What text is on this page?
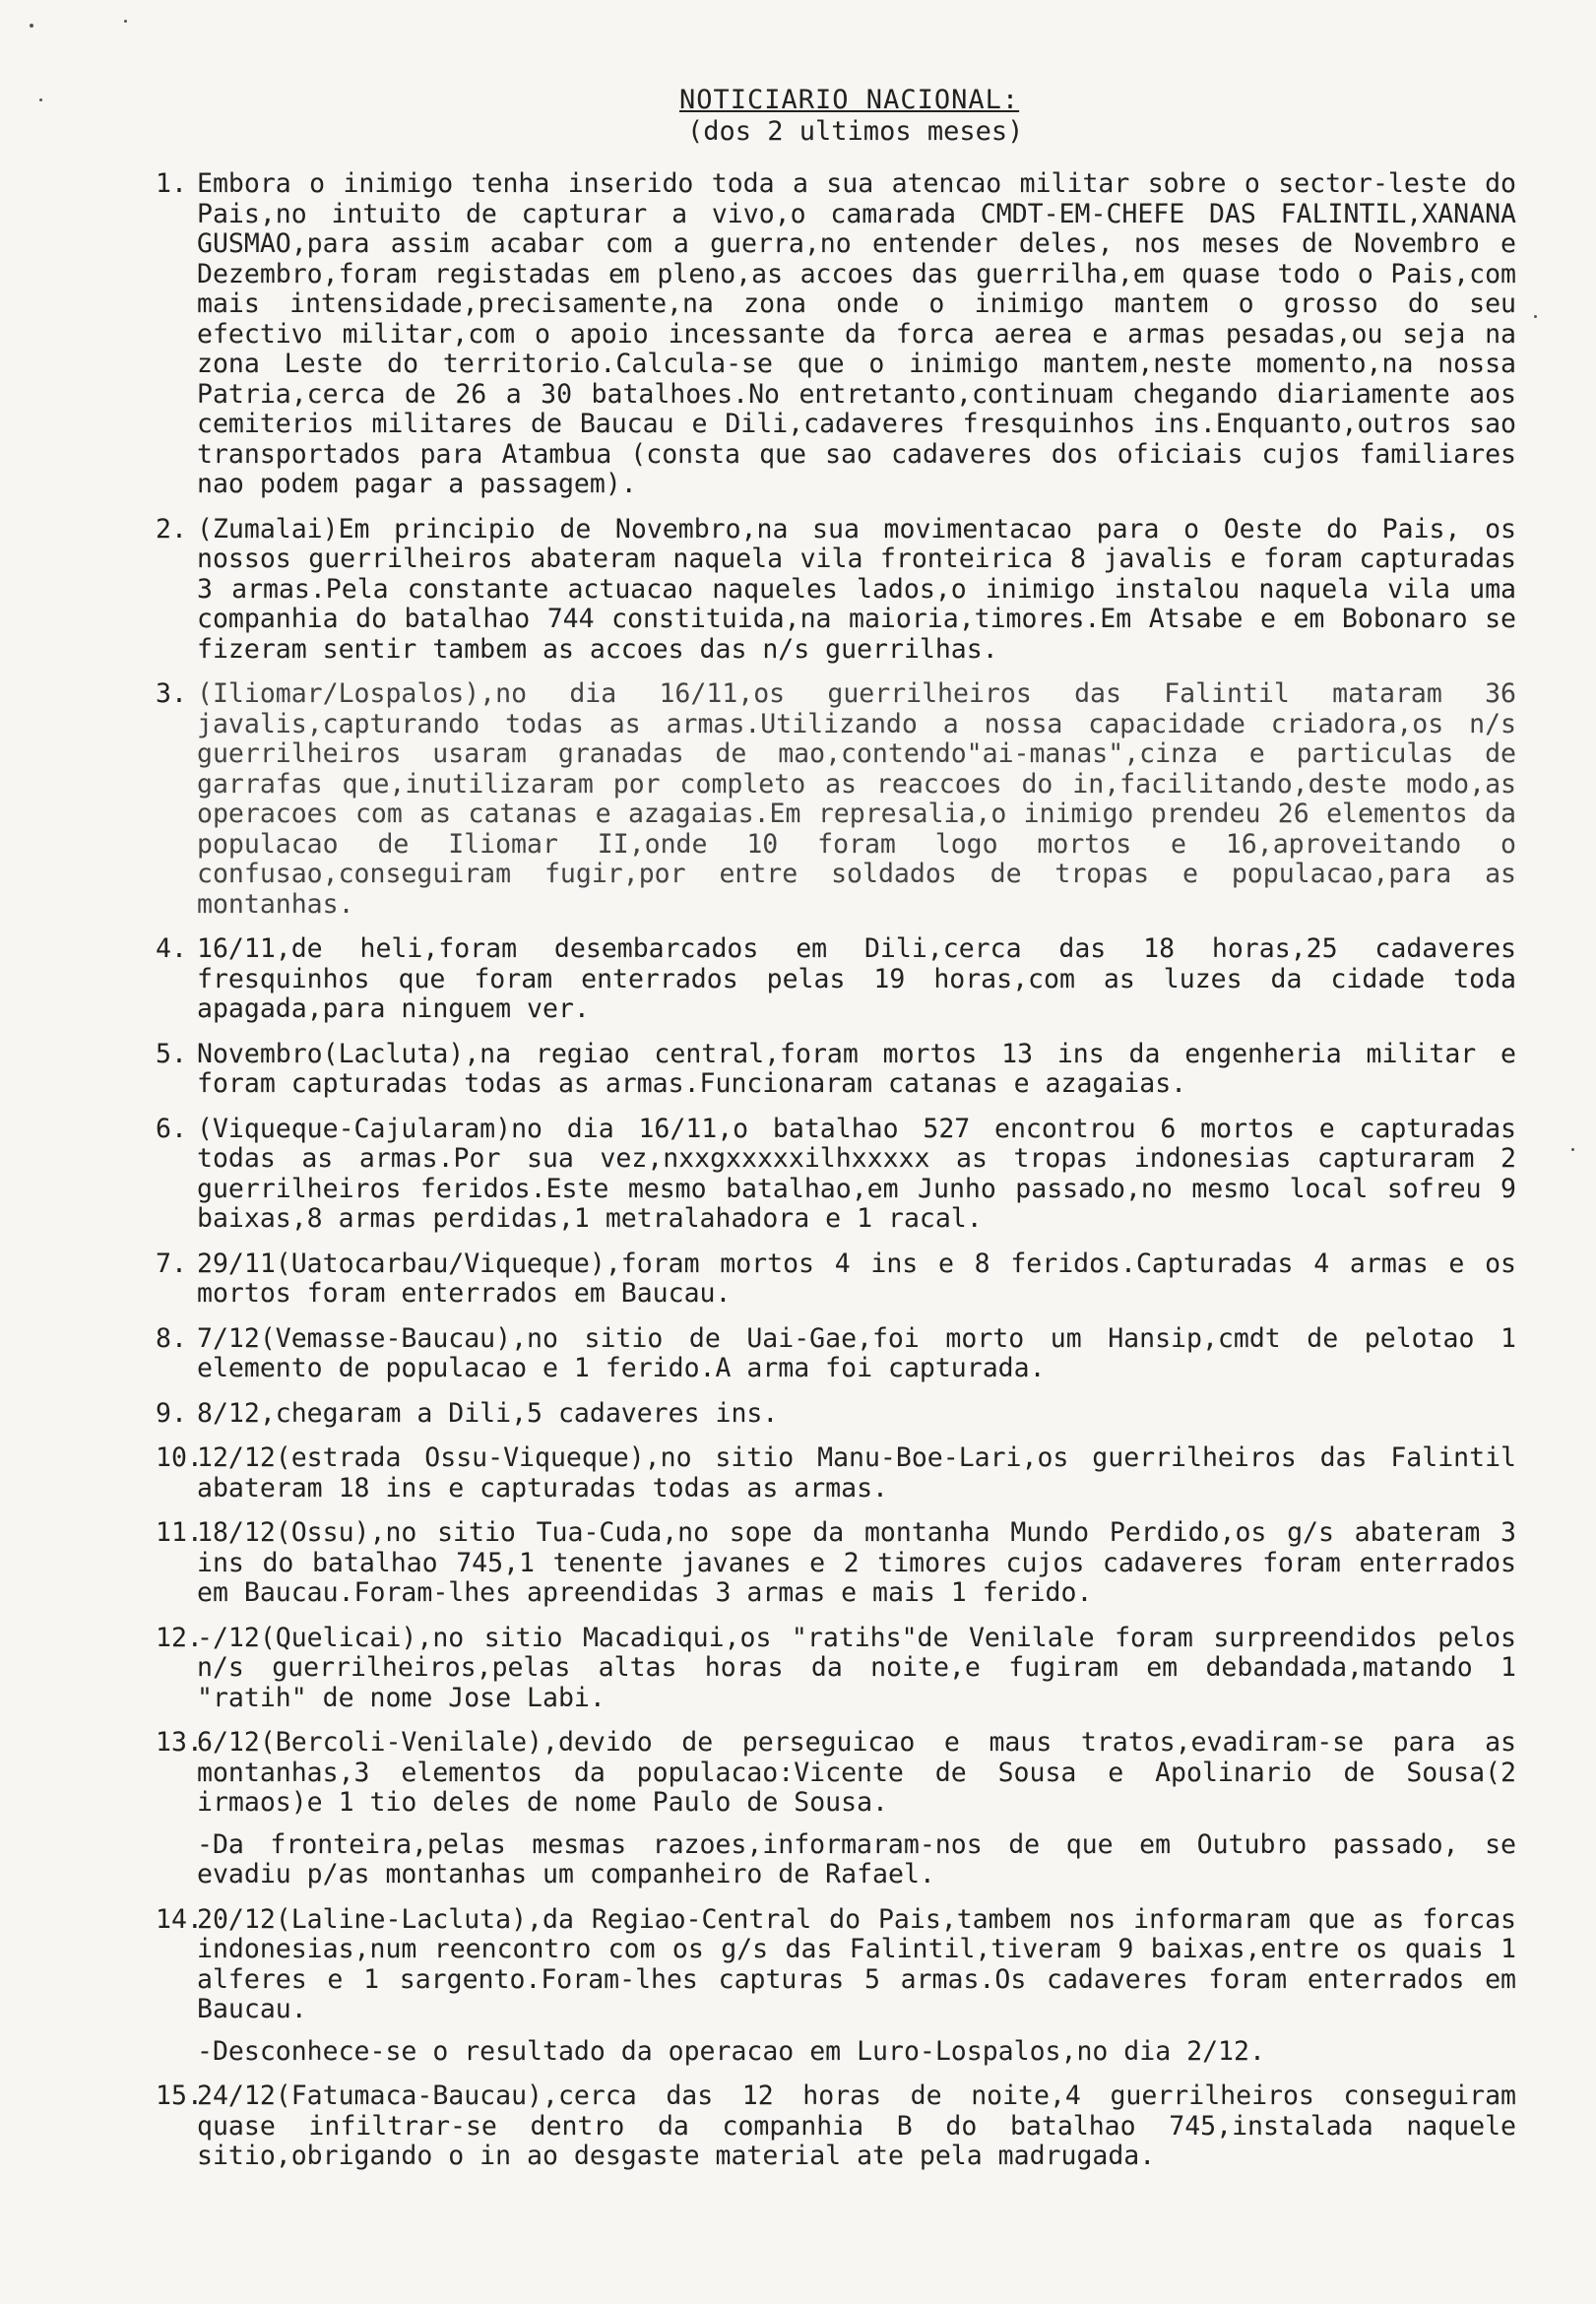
NOTICIARIO NACIONAL:
(dos 2 ultimos meses)
1. Embora o inimigo tenha inserido toda a sua atencao militar sobre o sector-leste do Pais,no intuito de capturar a vivo,o camarada CMDT-EM-CHEFE DAS FALINTIL,XANANA GUSMAO,para assim acabar com a guerra,no entender deles, nos meses de Novembro e Dezembro,foram registadas em pleno,as accoes das guerrilha,em quase todo o Pais,com mais intensidade,precisamente,na zona onde o inimigo mantem o grosso do seu efectivo militar,com o apoio incessante da forca aerea e armas pesadas,ou seja na zona Leste do territorio.Calcula-se que o inimigo mantem,neste momento,na nossa Patria,cerca de 26 a 30 batalhoes.No entretanto,continuam chegando diariamente aos cemiterios militares de Baucau e Dili,cadaveres fresquinhos ins.Enquanto,outros sao transportados para Atambua (consta que sao cadaveres dos oficiais cujos familiares nao podem pagar a passagem).
2. (Zumalai)Em principio de Novembro,na sua movimentacao para o Oeste do Pais, os nossos guerrilheiros abateram naquela vila fronteirica 8 javalis e foram capturadas 3 armas.Pela constante actuacao naqueles lados,o inimigo instalou naquela vila uma companhia do batalhao 744 constituida,na maioria,timores.Em Atsabe e em Bobonaro se fizeram sentir tambem as accoes das n/s guerrilhas.
3. (Iliomar/Lospalos),no dia 16/11,os guerrilheiros das Falintil mataram 36 javalis,capturando todas as armas.Utilizando a nossa capacidade criadora,os n/s guerrilheiros usaram granadas de mao,contendo"ai-manas",cinza e particulas de garrafas que,inutilizaram por completo as reaccoes do in,facilitando,deste modo,as operacoes com as catanas e azagaias.Em represalia,o inimigo prendeu 26 elementos da populacao de Iliomar II,onde 10 foram logo mortos e 16,aproveitando o confusao,conseguiram fugir,por entre soldados de tropas e populacao,para as montanhas.
4. 16/11,de heli,foram desembarcados em Dili,cerca das 18 horas,25 cadaveres fresquinhos que foram enterrados pelas 19 horas,com as luzes da cidade toda apagada,para ninguem ver.
5. Novembro(Lacluta),na regiao central,foram mortos 13 ins da engenheria militar e foram capturadas todas as armas.Funcionaram catanas e azagaias.
6. (Viqueque-Cajularam)no dia 16/11,o batalhao 527 encontrou 6 mortos e capturadas todas as armas.Por sua vez,nxxgxxxxxilhxxxxx as tropas indonesias capturaram 2 guerrilheiros feridos.Este mesmo batalhao,em Junho passado,no mesmo local sofreu 9 baixas,8 armas perdidas,1 metralahadora e 1 racal.
7. 29/11(Uatocarbau/Viqueque),foram mortos 4 ins e 8 feridos.Capturadas 4 armas e os mortos foram enterrados em Baucau.
8. 7/12(Vemasse-Baucau),no sitio de Uai-Gae,foi morto um Hansip,cmdt de pelotao 1 elemento de populacao e 1 ferido.A arma foi capturada.
9. 8/12,chegaram a Dili,5 cadaveres ins.
10.
12/12(estrada Ossu-Viqueque),no sitio Manu-Boe-Lari,os guerrilheiros das Falintil abateram 18 ins e capturadas todas as armas.
11.
18/12(Ossu),no sitio Tua-Cuda,no sope da montanha Mundo Perdido,os g/s abateram 3 ins do batalhao 745,1 tenente javanes e 2 timores cujos cadaveres foram enterrados em Baucau.Foram-lhes apreendidas 3 armas e mais 1 ferido.
12.
-/12(Quelicai),no sitio Macadiqui,os "ratihs"de Venilale foram surpreendidos pelos n/s guerrilheiros,pelas altas horas da noite,e fugiram em debandada,matando 1 "ratih" de nome Jose Labi.
13.
6/12(Bercoli-Venilale),devido de perseguicao e maus tratos,evadiram-se para as montanhas,3 elementos da populacao:Vicente de Sousa e Apolinario de Sousa(2 irmaos)e 1 tio deles de nome Paulo de Sousa.
-Da fronteira,pelas mesmas razoes,informaram-nos de que em Outubro passado, se evadiu p/as montanhas um companheiro de Rafael.
14.
20/12(Laline-Lacluta),da Regiao-Central do Pais,tambem nos informaram que as forcas indonesias,num reencontro com os g/s das Falintil,tiveram 9 baixas,entre os quais 1 alferes e 1 sargento.Foram-lhes capturas 5 armas.Os cadaveres foram enterrados em Baucau.
-Desconhece-se o resultado da operacao em Luro-Lospalos,no dia 2/12.
15.
24/12(Fatumaca-Baucau),cerca das 12 horas de noite,4 guerrilheiros conseguiram quase infiltrar-se dentro da companhia B do batalhao 745,instalada naquele sitio,obrigando o in ao desgaste material ate pela madrugada.
